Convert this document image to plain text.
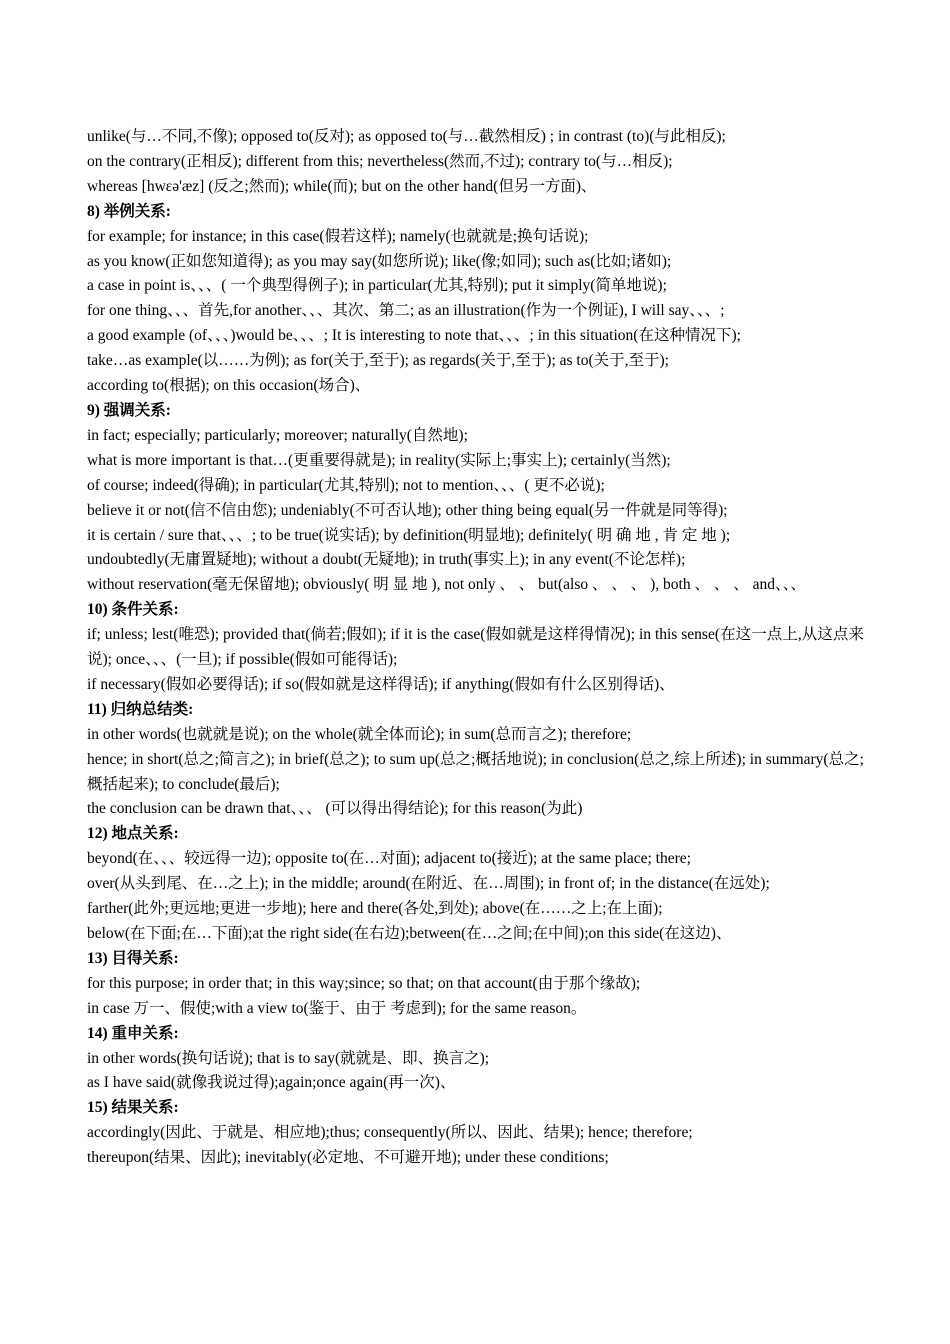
unlike(与…不同,不像); opposed to(反对); as opposed to(与…截然相反) ; in contrast (to)(与此相反);
on the contrary(正相反); different from this; nevertheless(然而,不过); contrary to(与…相反);
whereas [hwεə'æz] (反之;然而); while(而); but on the other hand(但另一方面)、
8) 举例关系:
for example; for instance; in this case(假若这样); namely(也就就是;换句话说);
as you know(正如您知道得); as you may say(如您所说); like(像;如同); such as(比如;诸如);
a case in point is、、、( 一个典型得例子); in particular(尤其,特别); put it simply(简单地说);
for one thing、、、首先,for another、、、其次、第二; as an illustration(作为一个例证), I will say、、、;
a good example (of、、、)would be、、、; It is interesting to note that、、、; in this situation(在这种情况下);
take…as example(以……为例); as for(关于,至于); as regards(关于,至于); as to(关于,至于);
according to(根据); on this occasion(场合)、
9) 强调关系:
in fact; especially; particularly; moreover; naturally(自然地);
what is more important is that…(更重要得就是); in reality(实际上;事实上); certainly(当然);
of course; indeed(得确); in particular(尤其,特别); not to mention、、、( 更不必说);
believe it or not(信不信由您); undeniably(不可否认地); other thing being equal(另一件就是同等得);
it is certain / sure that、、、; to be true(说实话); by definition(明显地); definitely( 明 确 地 , 肯 定 地 );
undoubtedly(无庸置疑地); without a doubt(无疑地); in truth(事实上); in any event(不论怎样);
without reservation(毫无保留地); obviously( 明 显 地 ), not only 、 、 but(also 、 、 、 ), both 、 、 、 and、、、
10) 条件关系:
if; unless; lest(唯恐); provided that(倘若;假如); if it is the case(假如就是这样得情况); in this sense(在这一点上,从这点来说); once、、、(一旦); if possible(假如可能得话);
if necessary(假如必要得话); if so(假如就是这样得话); if anything(假如有什么区别得话)、
11) 归纳总结类:
in other words(也就就是说); on the whole(就全体而论); in sum(总而言之); therefore;
hence; in short(总之;简言之); in brief(总之); to sum up(总之;概括地说); in conclusion(总之,综上所述); in summary(总之;概括起来); to conclude(最后);
the conclusion can be drawn that、、、 (可以得出得结论); for this reason(为此)
12) 地点关系:
beyond(在、、、较远得一边); opposite to(在…对面); adjacent to(接近); at the same place; there;
over(从头到尾、在…之上); in the middle; around(在附近、在…周围); in front of; in the distance(在远处);
farther(此外;更远地;更进一步地); here and there(各处,到处); above(在……之上;在上面);
below(在下面;在…下面);at the right side(在右边);between(在…之间;在中间);on this side(在这边)、
13) 目得关系:
for this purpose; in order that; in this way;since; so that; on that account(由于那个缘故);
in case 万一、假使;with a view to(鉴于、由于 考虑到); for the same reason。
14) 重申关系:
in other words(换句话说); that is to say(就就是、即、换言之);
as I have said(就像我说过得);again;once again(再一次)、
15) 结果关系:
accordingly(因此、于就是、相应地);thus; consequently(所以、因此、结果); hence; therefore;
thereupon(结果、因此); inevitably(必定地、不可避开地); under these conditions;
